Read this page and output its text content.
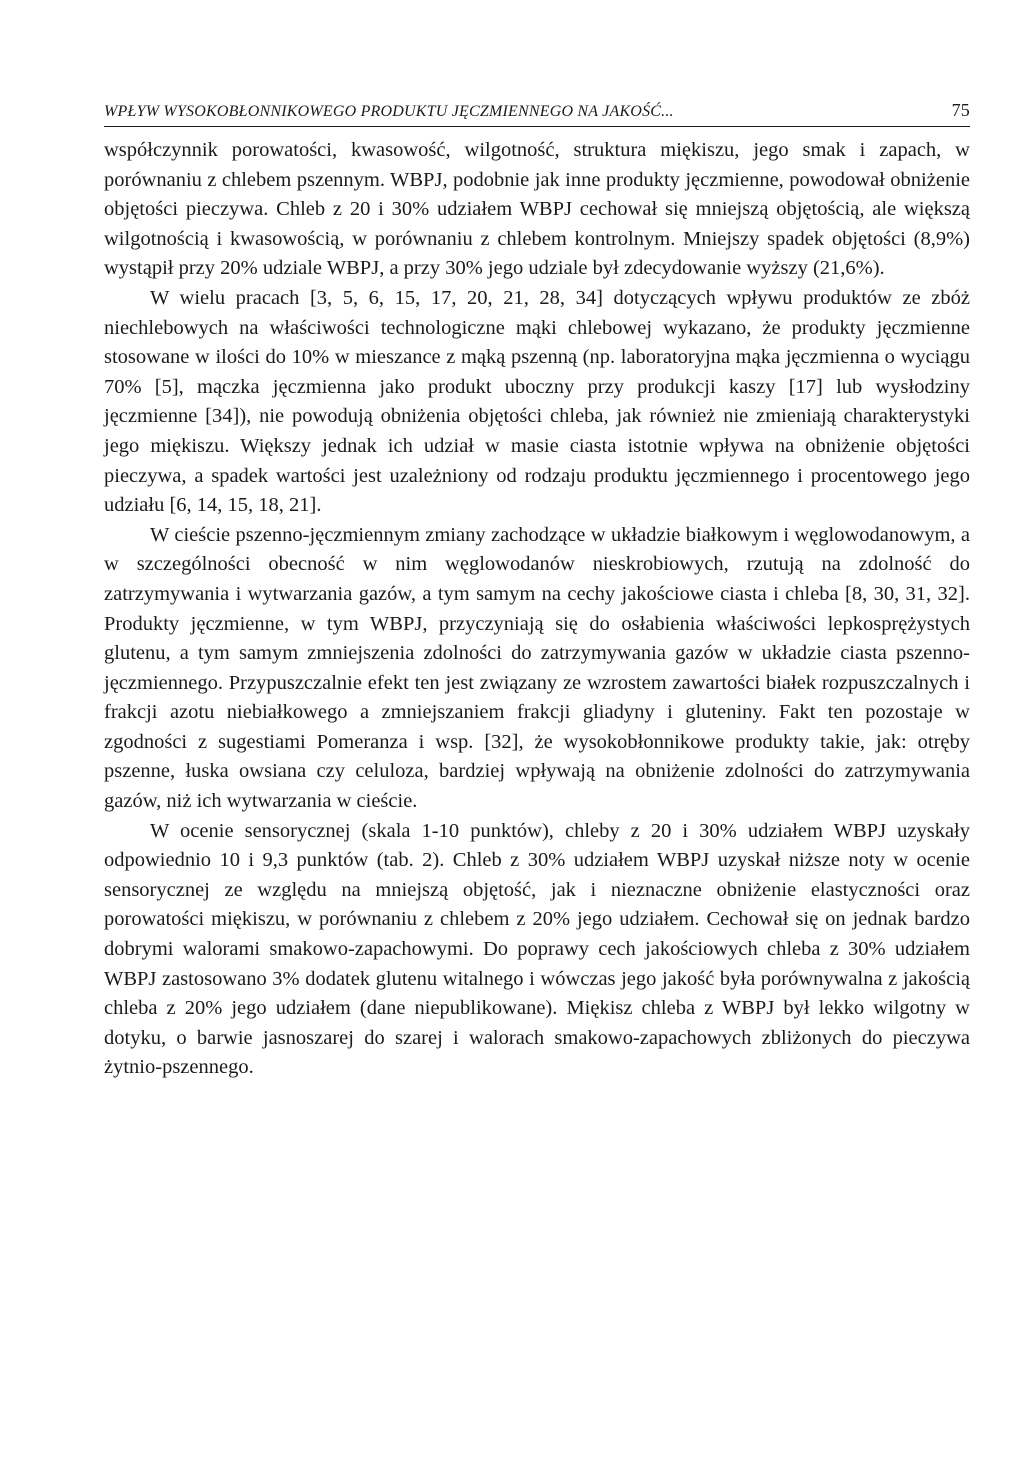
WPŁYW WYSOKOBŁONNIKOWEGO PRODUKTU JĘCZMIENNEGO NA JAKOŚĆ...	75

współczynnik porowatości, kwasowość, wilgotność, struktura miękiszu, jego smak i zapach, w porównaniu z chlebem pszennym. WBPJ, podobnie jak inne produkty jęczmienne, powodował obniżenie objętości pieczywa. Chleb z 20 i 30% udziałem WBPJ cechował się mniejszą objętością, ale większą wilgotnością i kwasowością, w porównaniu z chlebem kontrolnym. Mniejszy spadek objętości (8,9%) wystąpił przy 20% udziale WBPJ, a przy 30% jego udziale był zdecydowanie wyższy (21,6%).

W wielu pracach [3, 5, 6, 15, 17, 20, 21, 28, 34] dotyczących wpływu produktów ze zbóż niechlebowych na właściwości technologiczne mąki chlebowej wykazano, że produkty jęczmienne stosowane w ilości do 10% w mieszance z mąką pszenną (np. laboratoryjna mąka jęczmienna o wyciągu 70% [5], mączka jęczmienna jako produkt uboczny przy produkcji kaszy [17] lub wysłodziny jęczmienne [34]), nie powodują obniżenia objętości chleba, jak również nie zmieniają charakterystyki jego miękiszu. Większy jednak ich udział w masie ciasta istotnie wpływa na obniżenie objętości pieczywa, a spadek wartości jest uzależniony od rodzaju produktu jęczmiennego i procentowego jego udziału [6, 14, 15, 18, 21].

W cieście pszenno-jęczmiennym zmiany zachodzące w układzie białkowym i węglowodanowym, a w szczególności obecność w nim węglowodanów nieskrobiowych, rzutują na zdolność do zatrzymywania i wytwarzania gazów, a tym samym na cechy jakościowe ciasta i chleba [8, 30, 31, 32]. Produkty jęczmienne, w tym WBPJ, przyczyniają się do osłabienia właściwości lepkosprężystych glutenu, a tym samym zmniejszenia zdolności do zatrzymywania gazów w układzie ciasta pszenno-jęczmiennego. Przypuszczalnie efekt ten jest związany ze wzrostem zawartości białek rozpuszczalnych i frakcji azotu niebiałkowego a zmniejszaniem frakcji gliadyny i gluteniny. Fakt ten pozostaje w zgodności z sugestiami Pomeranza i wsp. [32], że wysokobłonnikowe produkty takie, jak: otręby pszenne, łuska owsiana czy celuloza, bardziej wpływają na obniżenie zdolności do zatrzymywania gazów, niż ich wytwarzania w cieście.

W ocenie sensorycznej (skala 1-10 punktów), chleby z 20 i 30% udziałem WBPJ uzyskały odpowiednio 10 i 9,3 punktów (tab. 2). Chleb z 30% udziałem WBPJ uzyskał niższe noty w ocenie sensorycznej ze względu na mniejszą objętość, jak i nieznaczne obniżenie elastyczności oraz porowatości miękiszu, w porównaniu z chlebem z 20% jego udziałem. Cechował się on jednak bardzo dobrymi walorami smakowo-zapachowymi. Do poprawy cech jakościowych chleba z 30% udziałem WBPJ zastosowano 3% dodatek glutenu witalnego i wówczas jego jakość była porównywalna z jakością chleba z 20% jego udziałem (dane niepublikowane). Miękisz chleba z WBPJ był lekko wilgotny w dotyku, o barwie jasnoszarej do szarej i walorach smakowo-zapachowych zbliżonych do pieczywa żytnio-pszennego.
